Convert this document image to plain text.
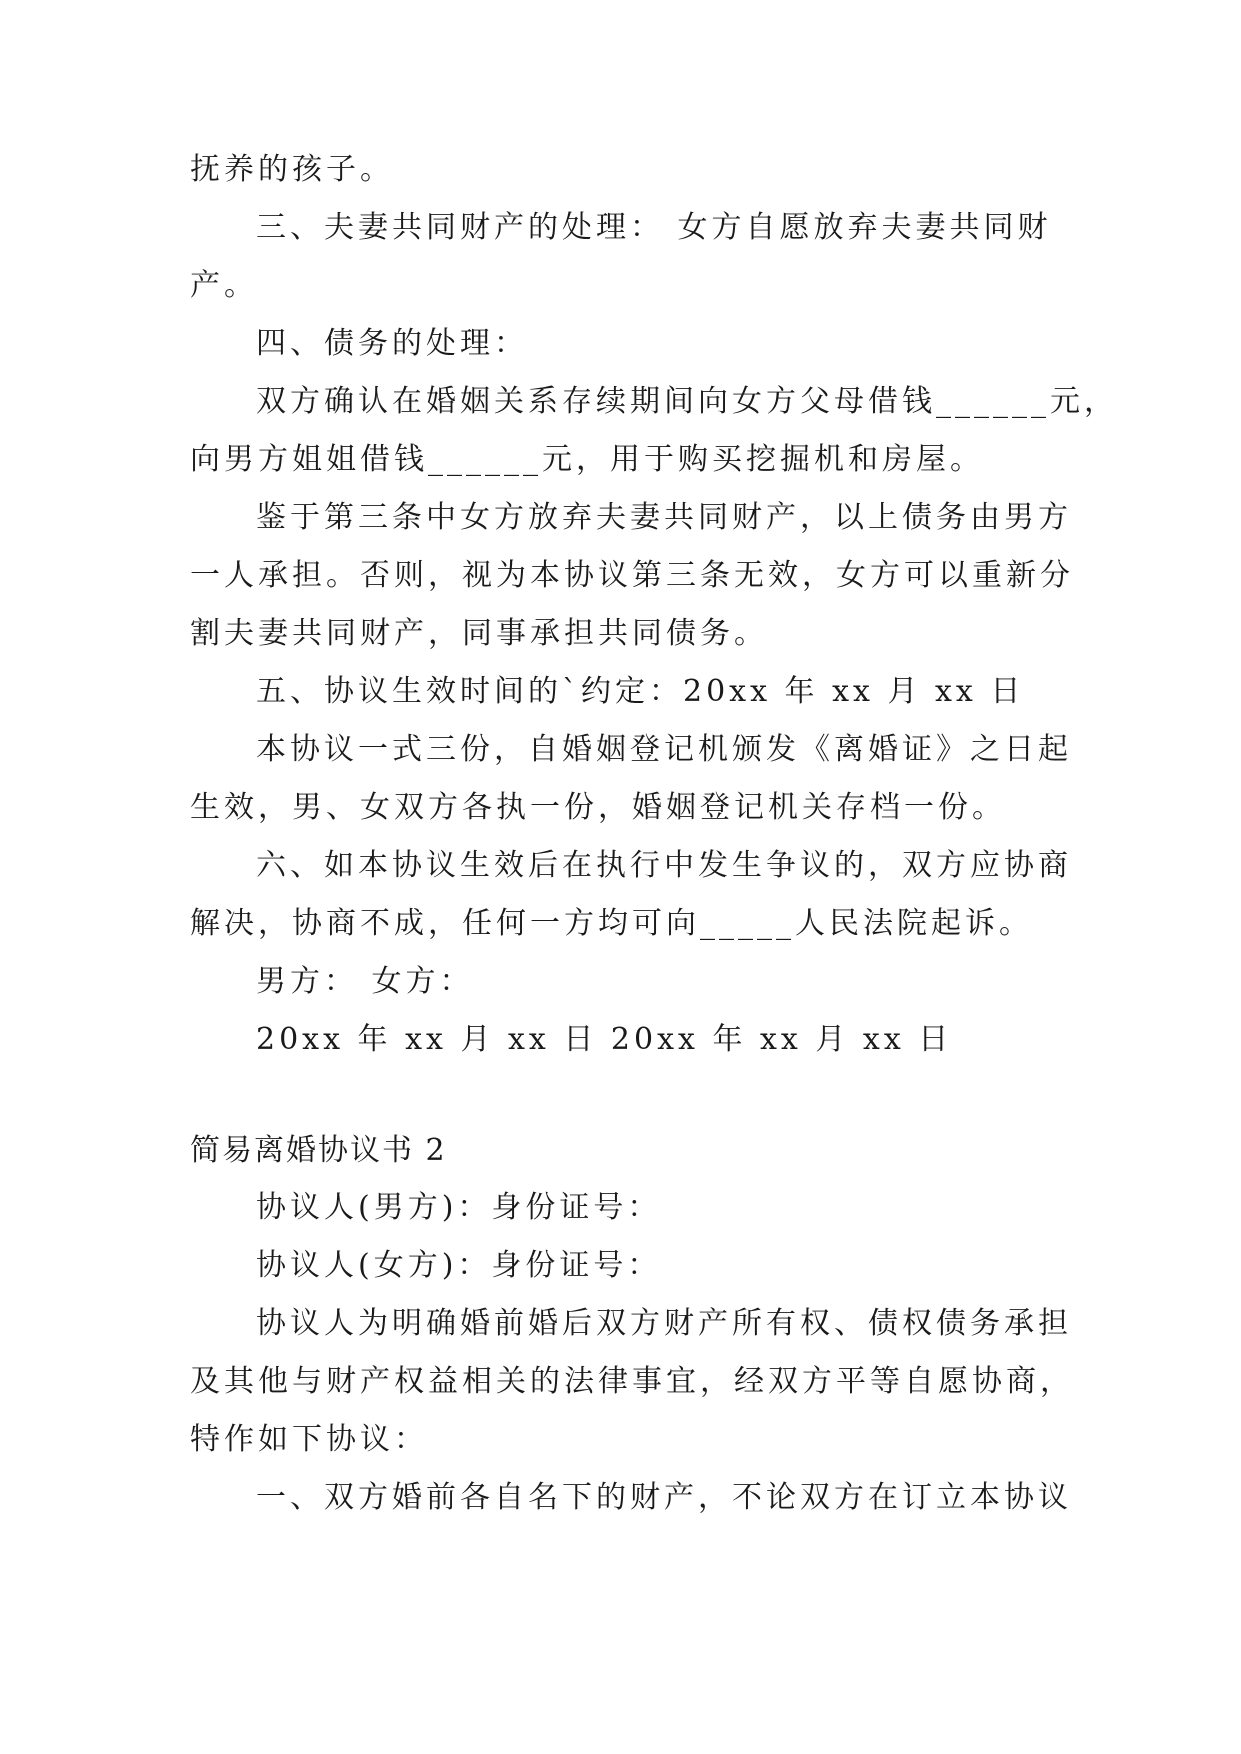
抚养的孩子。
三、夫妻共同财产的处理： 女方自愿放弃夫妻共同财
产。
四、债务的处理：
双方确认在婚姻关系存续期间向女方父母借钱______元，
向男方姐姐借钱______元，用于购买挖掘机和房屋。
鉴于第三条中女方放弃夫妻共同财产，以上债务由男方
一人承担。否则，视为本协议第三条无效，女方可以重新分
割夫妻共同财产，同事承担共同债务。
五、协议生效时间的`约定：20xx 年 xx 月 xx 日
本协议一式三份，自婚姻登记机颁发《离婚证》之日起
生效，男、女双方各执一份，婚姻登记机关存档一份。
六、如本协议生效后在执行中发生争议的，双方应协商
解决，协商不成，任何一方均可向_____人民法院起诉。
男方： 女方：
20xx 年 xx 月 xx 日 20xx 年 xx 月 xx 日
简易离婚协议书 2
协议人(男方)：身份证号：
协议人(女方)：身份证号：
协议人为明确婚前婚后双方财产所有权、债权债务承担
及其他与财产权益相关的法律事宜，经双方平等自愿协商，
特作如下协议：
一、双方婚前各自名下的财产，不论双方在订立本协议
